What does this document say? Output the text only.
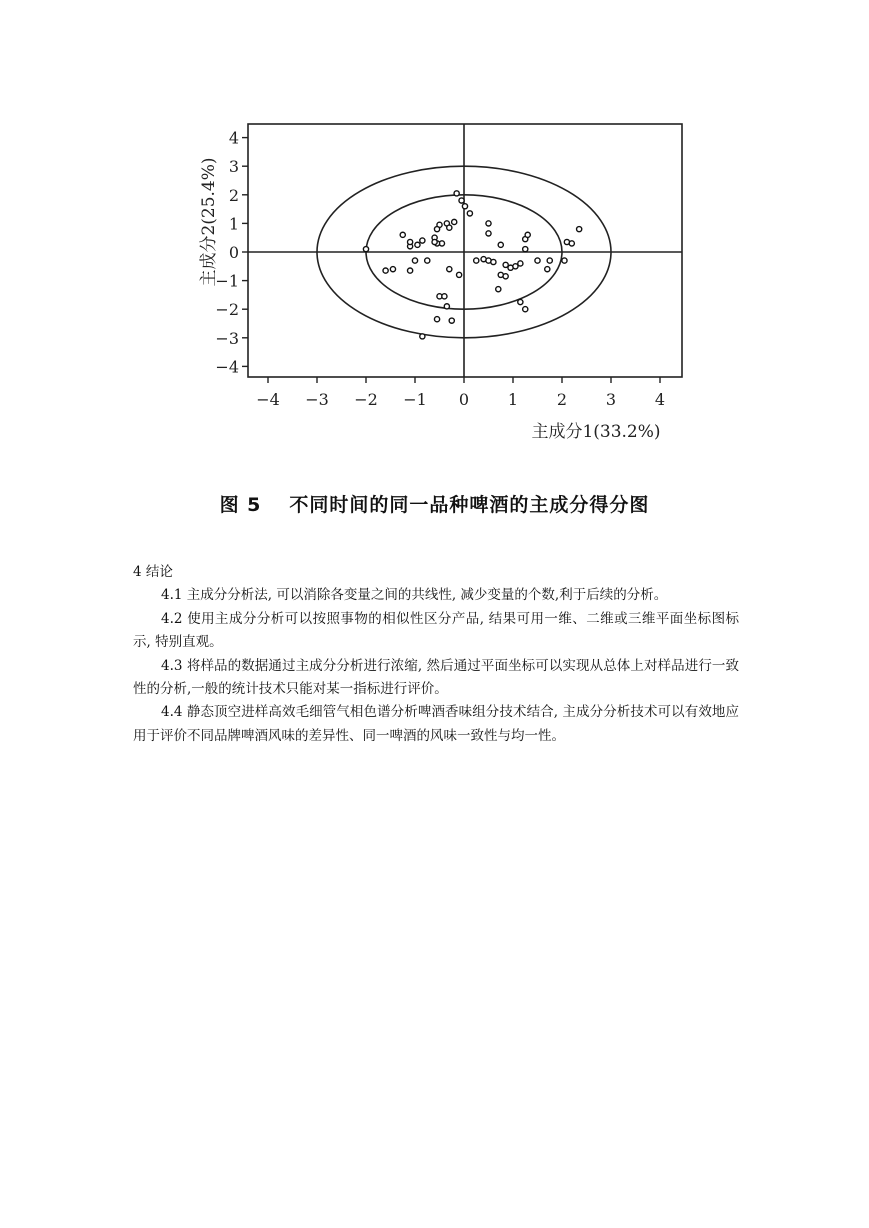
−4 −3 −2 −1 0 1 2 3 4
−4
−3
−2
−1
0
1
2
3
4
主成分1(33.2%)
主成分2(25.4%)
图 5 不同时间的同一品种啤酒的主成分得分图

4 结论

4.1 主成分分析法, 可以消除各变量之间的共线性, 减少变量的个数,利于后续的分析。

4.2 使用主成分分析可以按照事物的相似性区分产品, 结果可用一维、二维或三维平面坐标图标示, 特别直观。

4.3 将样品的数据通过主成分分析进行浓缩, 然后通过平面坐标可以实现从总体上对样品进行一致性的分析,一般的统计技术只能对某一指标进行评价。

4.4 静态顶空进样高效毛细管气相色谱分析啤酒香味组分技术结合, 主成分分析技术可以有效地应用于评价不同品牌啤酒风味的差异性、同一啤酒的风味一致性与均一性。
